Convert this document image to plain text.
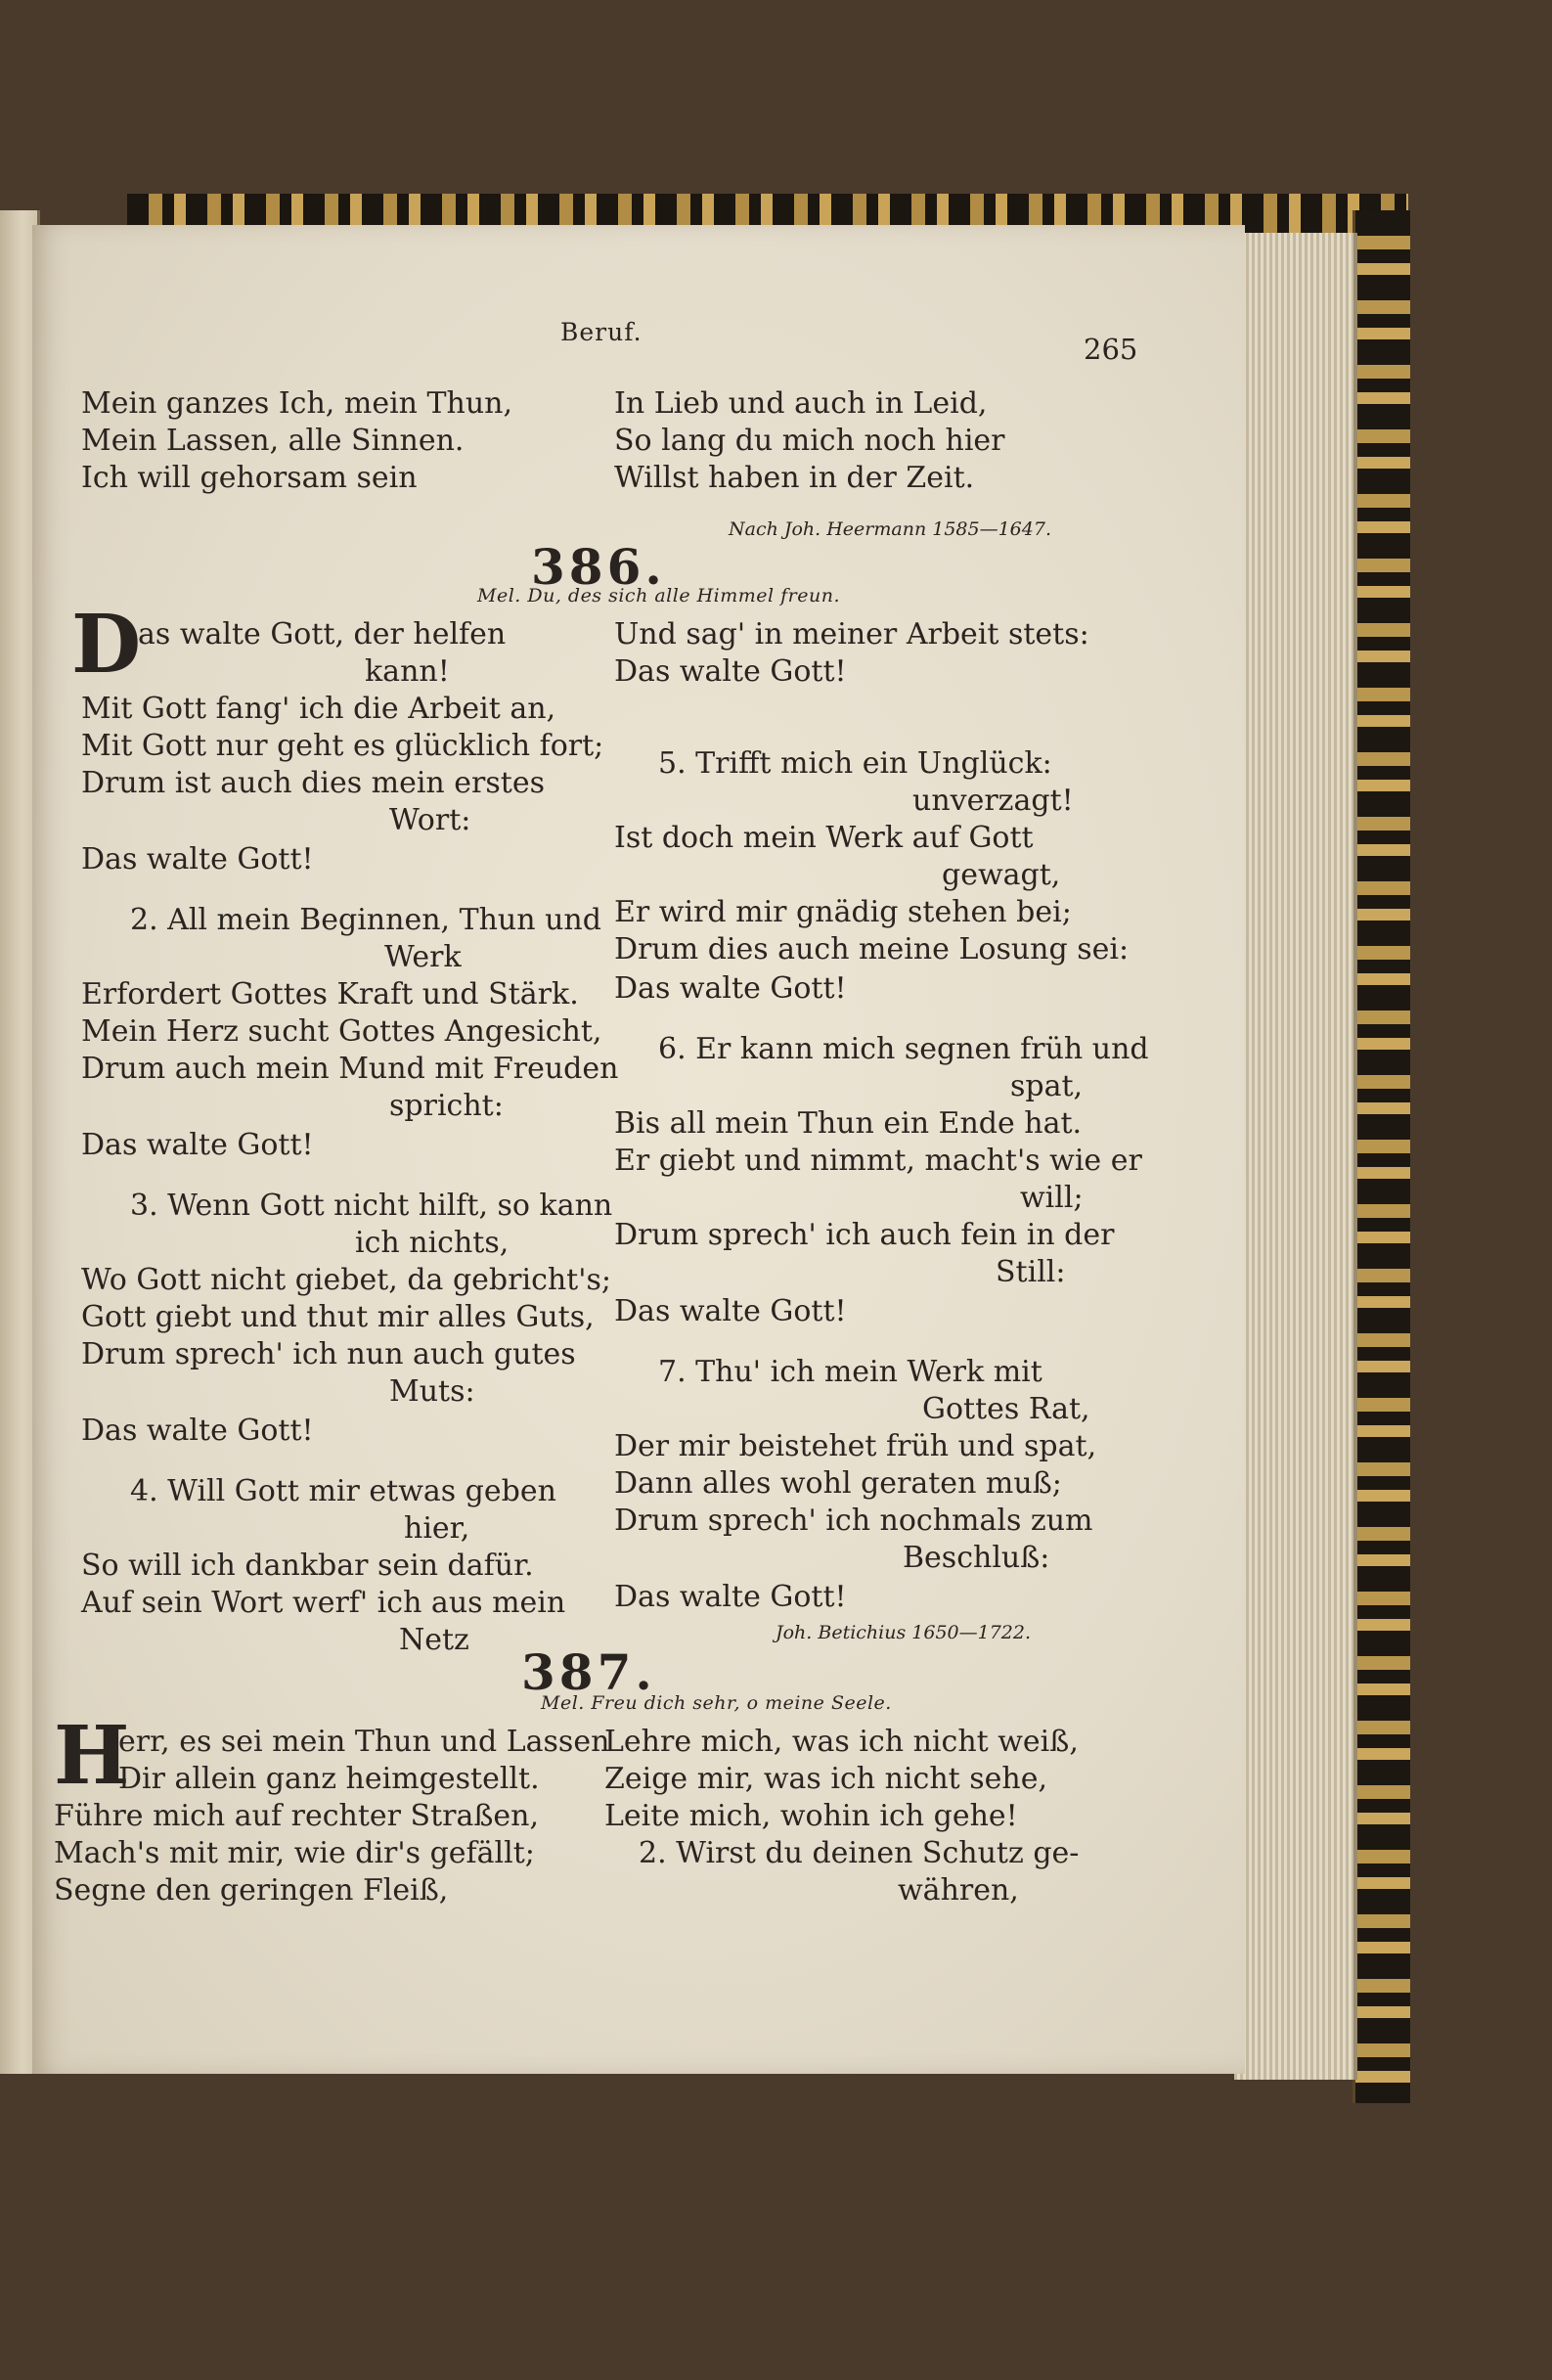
Beruf.
265
Mein ganzes Ich, mein Thun,
Mein Lassen, alle Sinnen.
Ich will gehorsam sein
In Lieb und auch in Leid,
So lang du mich noch hier
Willst haben in der Zeit.
Nach Joh. Heermann 1585—1647.
386.
Mel. Du, des sich alle Himmel freun.
D
as walte Gott, der helfen
kann!
Mit Gott fang' ich die Arbeit an,
Mit Gott nur geht es glücklich fort;
Drum ist auch dies mein erstes
Wort:
Das walte Gott!
2. All mein Beginnen, Thun und
Werk
Erfordert Gottes Kraft und Stärk.
Mein Herz sucht Gottes Angesicht,
Drum auch mein Mund mit Freuden
spricht:
Das walte Gott!
3. Wenn Gott nicht hilft, so kann
ich nichts,
Wo Gott nicht giebet, da gebricht's;
Gott giebt und thut mir alles Guts,
Drum sprech' ich nun auch gutes
Muts:
Das walte Gott!
4. Will Gott mir etwas geben
hier,
So will ich dankbar sein dafür.
Auf sein Wort werf' ich aus mein
Netz
Und sag' in meiner Arbeit stets:
Das walte Gott!
5. Trifft mich ein Unglück:
unverzagt!
Ist doch mein Werk auf Gott
gewagt,
Er wird mir gnädig stehen bei;
Drum dies auch meine Losung sei:
Das walte Gott!
6. Er kann mich segnen früh und
spat,
Bis all mein Thun ein Ende hat.
Er giebt und nimmt, macht's wie er
will;
Drum sprech' ich auch fein in der
Still:
Das walte Gott!
7. Thu' ich mein Werk mit
Gottes Rat,
Der mir beistehet früh und spat,
Dann alles wohl geraten muß;
Drum sprech' ich nochmals zum
Beschluß:
Das walte Gott!
Joh. Betichius 1650—1722.
387.
Mel. Freu dich sehr, o meine Seele.
H
err, es sei mein Thun und Lassen
Dir allein ganz heimgestellt.
Führe mich auf rechter Straßen,
Mach's mit mir, wie dir's gefällt;
Segne den geringen Fleiß,
Lehre mich, was ich nicht weiß,
Zeige mir, was ich nicht sehe,
Leite mich, wohin ich gehe!
2. Wirst du deinen Schutz ge-
währen,
